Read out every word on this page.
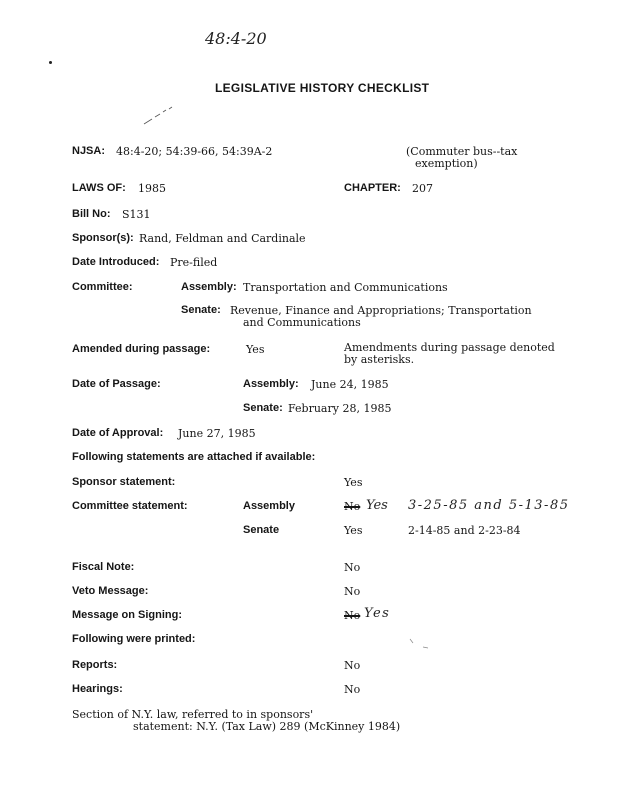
48:4-20
LEGISLATIVE HISTORY CHECKLIST
NJSA: 48:4-20; 54:39-66, 54:39A-2	(Commuter bus--tax
exemption)
LAWS OF: 1985	CHAPTER: 207
Bill No: S131
Sponsor(s): Rand, Feldman and Cardinale
Date Introduced: Pre-filed
Committee:	Assembly: Transportation and Communications
Senate: Revenue, Finance and Appropriations; Transportation
and Communications
Amended during passage:	Yes	Amendments during passage denoted
by asterisks.
Date of Passage:	Assembly: June 24, 1985
Senate: February 28, 1985
Date of Approval: June 27, 1985
Following statements are attached if available:
Sponsor statement:	Yes
Committee statement:	Assembly	No Yes 3-25-85 and 5-13-85
Senate	Yes	2-14-85 and 2-23-84
Fiscal Note:	No
Veto Message:	No
Message on Signing:	No Yes
Following were printed:
Reports:	No
Hearings:	No
Section of N.Y. law, referred to in sponsors'
statement: N.Y. (Tax Law) 289 (McKinney 1984)
